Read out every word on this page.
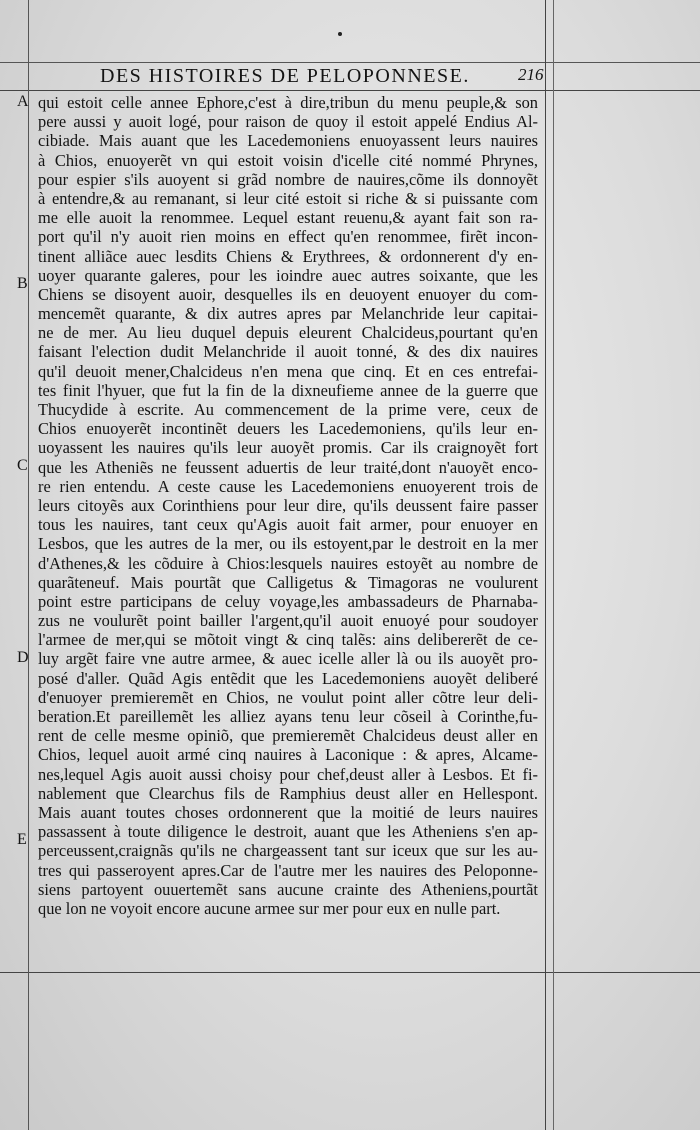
DES HISTOIRES DE PELOPONNESE.	216
A
B
C
D
E
qui estoit celle annee Ephore,c'est à dire,tribun du menu peuple,& son
pere aussi y auoit logé, pour raison de quoy il estoit appelé Endius Al-
cibiade. Mais auant que les Lacedemoniens enuoyassent leurs nauires
à Chios, enuoyerẽt vn qui estoit voisin d'icelle cité nommé Phrynes,
pour espier s'ils auoyent si grãd nombre de nauires,cõme ils donnoyẽt
à entendre,& au remanant, si leur cité estoit si riche & si puissante com
me elle auoit la renommee. Lequel estant reuenu,& ayant fait son ra-
port qu'il n'y auoit rien moins en effect qu'en renommee, firẽt incon-
tinent alliãce auec lesdits Chiens & Erythrees, & ordonnerent d'y en-
uoyer quarante galeres, pour les ioindre auec autres soixante, que les
Chiens se disoyent auoir, desquelles ils en deuoyent enuoyer du com-
mencemẽt quarante, & dix autres apres par Melanchride leur capitai-
ne de mer. Au lieu duquel depuis eleurent Chalcideus,pourtant qu'en
faisant l'election dudit Melanchride il auoit tonné, & des dix nauires
qu'il deuoit mener,Chalcideus n'en mena que cinq. Et en ces entrefai-
tes finit l'hyuer, que fut la fin de la dixneufieme annee de la guerre que
Thucydide à escrite. Au commencement de la prime vere, ceux de
Chios enuoyerẽt incontinẽt deuers les Lacedemoniens, qu'ils leur en-
uoyassent les nauires qu'ils leur auoyẽt promis. Car ils craignoyẽt fort
que les Atheniẽs ne feussent aduertis de leur traité,dont n'auoyẽt enco-
re rien entendu. A ceste cause les Lacedemoniens enuoyerent trois de
leurs citoyẽs aux Corinthiens pour leur dire, qu'ils deussent faire passer
tous les nauires, tant ceux qu'Agis auoit fait armer, pour enuoyer en
Lesbos, que les autres de la mer, ou ils estoyent,par le destroit en la mer
d'Athenes,& les cõduire à Chios:lesquels nauires estoyẽt au nombre de
quarãteneuf. Mais pourtãt que Calligetus & Timagoras ne voulurent
point estre participans de celuy voyage,les ambassadeurs de Pharnaba-
zus ne voulurẽt point bailler l'argent,qu'il auoit enuoyé pour soudoyer
l'armee de mer,qui se mõtoit vingt & cinq talẽs: ains delibererẽt de ce-
luy argẽt faire vne autre armee, & auec icelle aller là ou ils auoyẽt pro-
posé d'aller. Quãd Agis entẽdit que les Lacedemoniens auoyẽt deliberé
d'enuoyer premieremẽt en Chios, ne voulut point aller cõtre leur deli-
beration.Et pareillemẽt les alliez ayans tenu leur cõseil à Corinthe,fu-
rent de celle mesme opiniõ, que premieremẽt Chalcideus deust aller en
Chios, lequel auoit armé cinq nauires à Laconique : & apres, Alcame-
nes,lequel Agis auoit aussi choisy pour chef,deust aller à Lesbos. Et fi-
nablement que Clearchus fils de Ramphius deust aller en Hellespont.
Mais auant toutes choses ordonnerent que la moitié de leurs nauires
passassent à toute diligence le destroit, auant que les Atheniens s'en ap-
perceussent,craignãs qu'ils ne chargeassent tant sur iceux que sur les au-
tres qui passeroyent apres.Car de l'autre mer les nauires des Peloponne-
siens partoyent ouuertemẽt sans aucune crainte des Atheniens,pourtãt
que lon ne voyoit encore aucune armee sur mer pour eux en nulle part.
